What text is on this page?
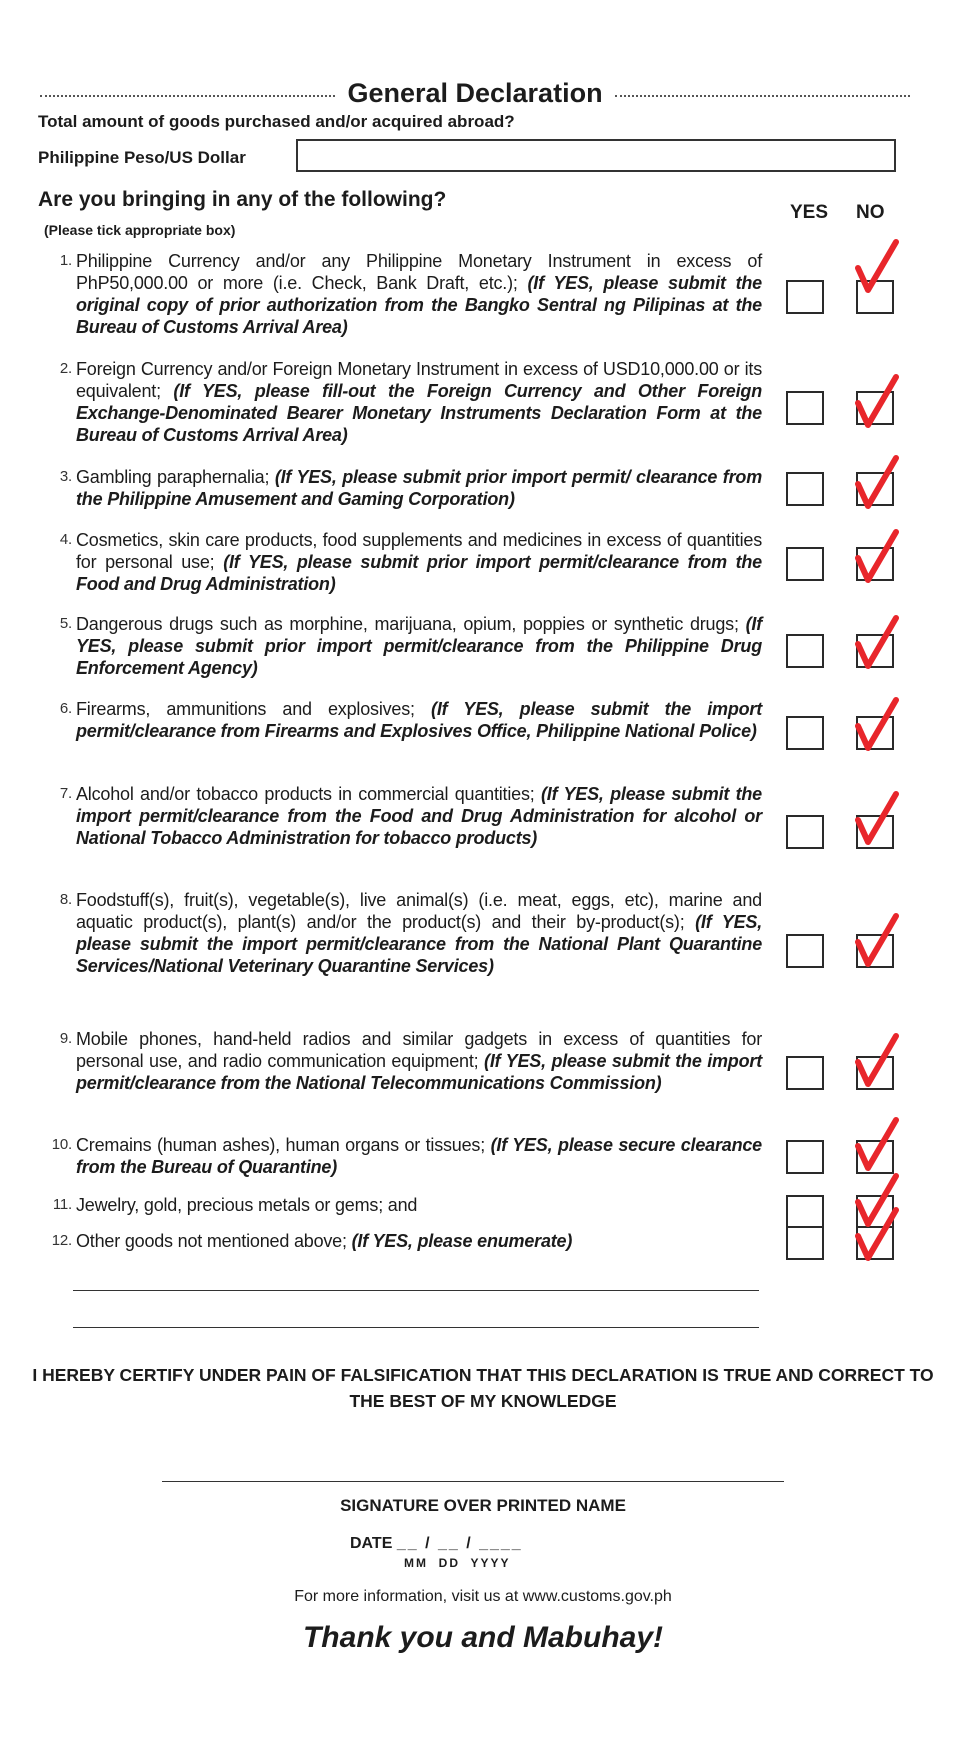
General Declaration
Total amount of goods purchased and/or acquired abroad?
Philippine Peso/US Dollar
Are you bringing in any of the following?
(Please tick appropriate box)
YES NO
1. Philippine Currency and/or any Philippine Monetary Instrument in excess of PhP50,000.00 or more (i.e. Check, Bank Draft, etc.); (If YES, please submit the original copy of prior authorization from the Bangko Sentral ng Pilipinas at the Bureau of Customs Arrival Area)
2. Foreign Currency and/or Foreign Monetary Instrument in excess of USD10,000.00 or its equivalent; (If YES, please fill-out the Foreign Currency and Other Foreign Exchange-Denominated Bearer Monetary Instruments Declaration Form at the Bureau of Customs Arrival Area)
3. Gambling paraphernalia; (If YES, please submit prior import permit/ clearance from the Philippine Amusement and Gaming Corporation)
4. Cosmetics, skin care products, food supplements and medicines in excess of quantities for personal use; (If YES, please submit prior import permit/clearance from the Food and Drug Administration)
5. Dangerous drugs such as morphine, marijuana, opium, poppies or synthetic drugs; (If YES, please submit prior import permit/clearance from the Philippine Drug Enforcement Agency)
6. Firearms, ammunitions and explosives; (If YES, please submit the import permit/clearance from Firearms and Explosives Office, Philippine National Police)
7. Alcohol and/or tobacco products in commercial quantities; (If YES, please submit the import permit/clearance from the Food and Drug Administration for alcohol or National Tobacco Administration for tobacco products)
8. Foodstuff(s), fruit(s), vegetable(s), live animal(s) (i.e. meat, eggs, etc), marine and aquatic product(s), plant(s) and/or the product(s) and their by-product(s); (If YES, please submit the import permit/clearance from the National Plant Quarantine Services/National Veterinary Quarantine Services)
9. Mobile phones, hand-held radios and similar gadgets in excess of quantities for personal use, and radio communication equipment; (If YES, please submit the import permit/clearance from the National Telecommunications Commission)
10. Cremains (human ashes), human organs or tissues; (If YES, please secure clearance from the Bureau of Quarantine)
11. Jewelry, gold, precious metals or gems; and
12. Other goods not mentioned above; (If YES, please enumerate)
I HEREBY CERTIFY UNDER PAIN OF FALSIFICATION THAT THIS DECLARATION IS TRUE AND CORRECT TO THE BEST OF MY KNOWLEDGE
SIGNATURE OVER PRINTED NAME
DATE __ / __ / ____
MM  DD  YYYY
For more information, visit us at www.customs.gov.ph
Thank you and Mabuhay!
